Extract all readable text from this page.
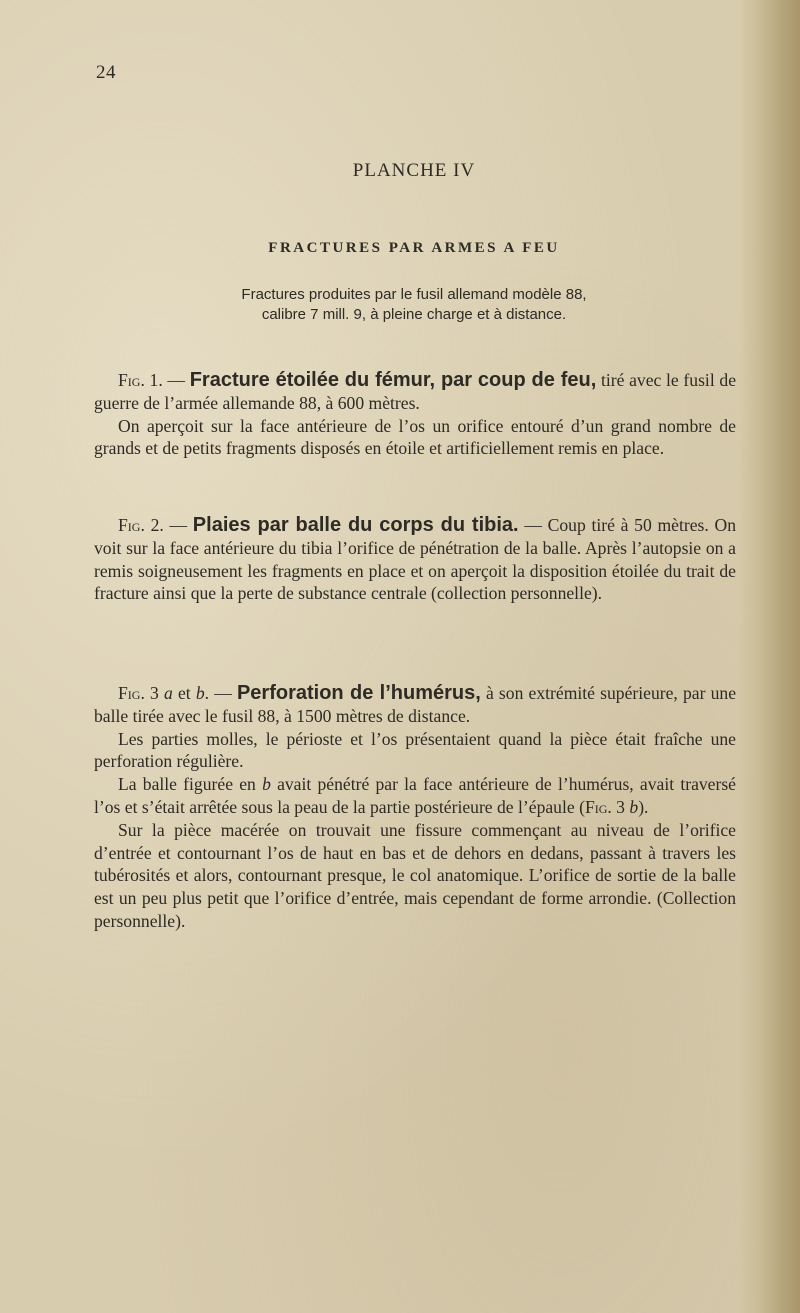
24
PLANCHE IV
FRACTURES PAR ARMES A FEU
Fractures produites par le fusil allemand modèle 88,
calibre 7 mill. 9, à pleine charge et à distance.

Fig. 1. — Fracture étoilée du fémur, par coup de feu, tiré avec le fusil de guerre de l’armée allemande 88, à 600 mètres.

On aperçoit sur la face antérieure de l’os un orifice entouré d’un grand nombre de grands et de petits fragments disposés en étoile et artificiellement remis en place.

Fig. 2. — Plaies par balle du corps du tibia. — Coup tiré à 50 mètres. On voit sur la face antérieure du tibia l’orifice de pénétration de la balle. Après l’autopsie on a remis soigneusement les fragments en place et on aperçoit la disposition étoilée du trait de fracture ainsi que la perte de substance centrale (collection personnelle).

Fig. 3 a et b. — Perforation de l’humérus, à son extrémité supérieure, par une balle tirée avec le fusil 88, à 1500 mètres de distance.

Les parties molles, le périoste et l’os présentaient quand la pièce était fraîche une perforation régulière.

La balle figurée en b avait pénétré par la face antérieure de l’humérus, avait traversé l’os et s’était arrêtée sous la peau de la partie postérieure de l’épaule (Fig. 3 b).

Sur la pièce macérée on trouvait une fissure commençant au niveau de l’orifice d’entrée et contournant l’os de haut en bas et de dehors en dedans, passant à travers les tubérosités et alors, contournant presque, le col anatomique. L’orifice de sortie de la balle est un peu plus petit que l’orifice d’entrée, mais cependant de forme arrondie. (Collection personnelle).
